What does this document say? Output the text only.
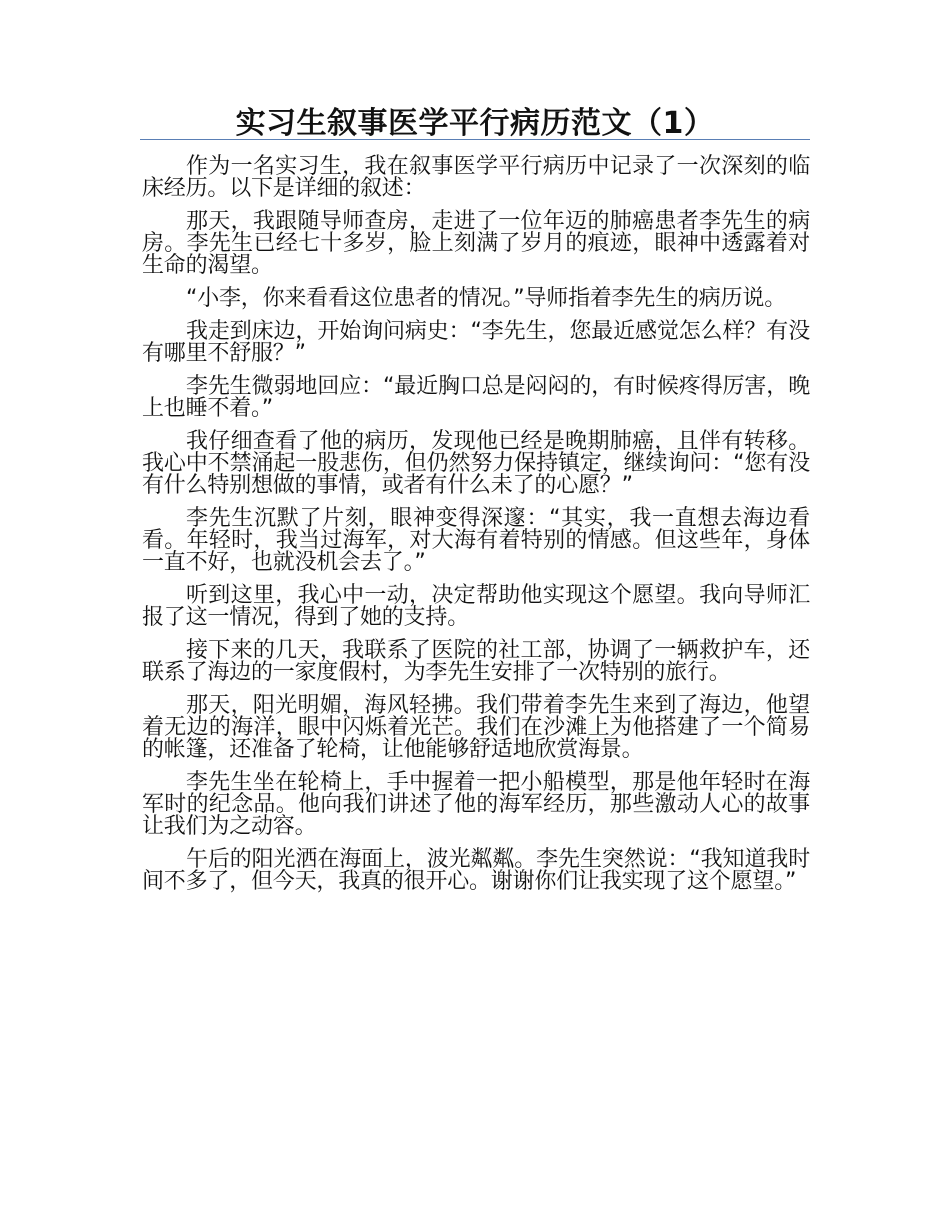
实习生叙事医学平行病历范文（1）

作为一名实习生，我在叙事医学平行病历中记录了一次深刻的临床经历。以下是详细的叙述：

那天，我跟随导师查房，走进了一位年迈的肺癌患者李先生的病房。李先生已经七十多岁，脸上刻满了岁月的痕迹，眼神中透露着对生命的渴望。

“小李，你来看看这位患者的情况。”导师指着李先生的病历说。

我走到床边，开始询问病史：“李先生，您最近感觉怎么样？有没有哪里不舒服？”

李先生微弱地回应：“最近胸口总是闷闷的，有时候疼得厉害，晚上也睡不着。”

我仔细查看了他的病历，发现他已经是晚期肺癌，且伴有转移。我心中不禁涌起一股悲伤，但仍然努力保持镇定，继续询问：“您有没有什么特别想做的事情，或者有什么未了的心愿？”

李先生沉默了片刻，眼神变得深邃：“其实，我一直想去海边看看。年轻时，我当过海军，对大海有着特别的情感。但这些年，身体一直不好，也就没机会去了。”

听到这里，我心中一动，决定帮助他实现这个愿望。我向导师汇报了这一情况，得到了她的支持。

接下来的几天，我联系了医院的社工部，协调了一辆救护车，还联系了海边的一家度假村，为李先生安排了一次特别的旅行。

那天，阳光明媚，海风轻拂。我们带着李先生来到了海边，他望着无边的海洋，眼中闪烁着光芒。我们在沙滩上为他搭建了一个简易的帐篷，还准备了轮椅，让他能够舒适地欣赏海景。

李先生坐在轮椅上，手中握着一把小船模型，那是他年轻时在海军时的纪念品。他向我们讲述了他的海军经历，那些激动人心的故事让我们为之动容。

午后的阳光洒在海面上，波光粼粼。李先生突然说：“我知道我时间不多了，但今天，我真的很开心。谢谢你们让我实现了这个愿望。”
